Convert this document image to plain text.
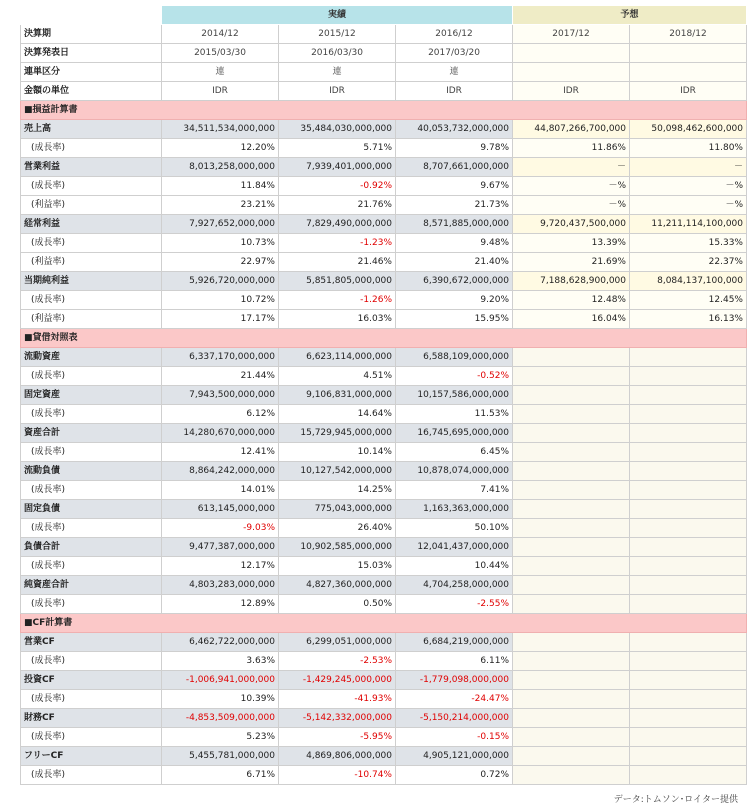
	実績			予想	
決算期	2014/12	2015/12	2016/12	2017/12	2018/12
決算発表日	2015/03/30	2016/03/30	2017/03/20		
連単区分	連	連	連		
金額の単位	IDR	IDR	IDR	IDR	IDR
■損益計算書					
売上高	34,511,534,000,000	35,484,030,000,000	40,053,732,000,000	44,807,266,700,000	50,098,462,600,000
(成長率)	12.20%	5.71%	9.78%	11.86%	11.80%
営業利益	8,013,258,000,000	7,939,401,000,000	8,707,661,000,000	－	－
(成長率)	11.84%	-0.92%	9.67%	－%	－%
(利益率)	23.21%	21.76%	21.73%	－%	－%
経常利益	7,927,652,000,000	7,829,490,000,000	8,571,885,000,000	9,720,437,500,000	11,211,114,100,000
(成長率)	10.73%	-1.23%	9.48%	13.39%	15.33%
(利益率)	22.97%	21.46%	21.40%	21.69%	22.37%
当期純利益	5,926,720,000,000	5,851,805,000,000	6,390,672,000,000	7,188,628,900,000	8,084,137,100,000
(成長率)	10.72%	-1.26%	9.20%	12.48%	12.45%
(利益率)	17.17%	16.03%	15.95%	16.04%	16.13%
■貸借対照表					
流動資産	6,337,170,000,000	6,623,114,000,000	6,588,109,000,000		
(成長率)	21.44%	4.51%	-0.52%		
固定資産	7,943,500,000,000	9,106,831,000,000	10,157,586,000,000		
(成長率)	6.12%	14.64%	11.53%		
資産合計	14,280,670,000,000	15,729,945,000,000	16,745,695,000,000		
(成長率)	12.41%	10.14%	6.45%		
流動負債	8,864,242,000,000	10,127,542,000,000	10,878,074,000,000		
(成長率)	14.01%	14.25%	7.41%		
固定負債	613,145,000,000	775,043,000,000	1,163,363,000,000		
(成長率)	-9.03%	26.40%	50.10%		
負債合計	9,477,387,000,000	10,902,585,000,000	12,041,437,000,000		
(成長率)	12.17%	15.03%	10.44%		
純資産合計	4,803,283,000,000	4,827,360,000,000	4,704,258,000,000		
(成長率)	12.89%	0.50%	-2.55%		
■CF計算書					
営業CF	6,462,722,000,000	6,299,051,000,000	6,684,219,000,000		
(成長率)	3.63%	-2.53%	6.11%		
投資CF	-1,006,941,000,000	-1,429,245,000,000	-1,779,098,000,000		
(成長率)	10.39%	-41.93%	-24.47%		
財務CF	-4,853,509,000,000	-5,142,332,000,000	-5,150,214,000,000		
(成長率)	5.23%	-5.95%	-0.15%		
フリーCF	5,455,781,000,000	4,869,806,000,000	4,905,121,000,000		
(成長率)	6.71%	-10.74%	0.72%		
データ:トムソン･ロイター提供
